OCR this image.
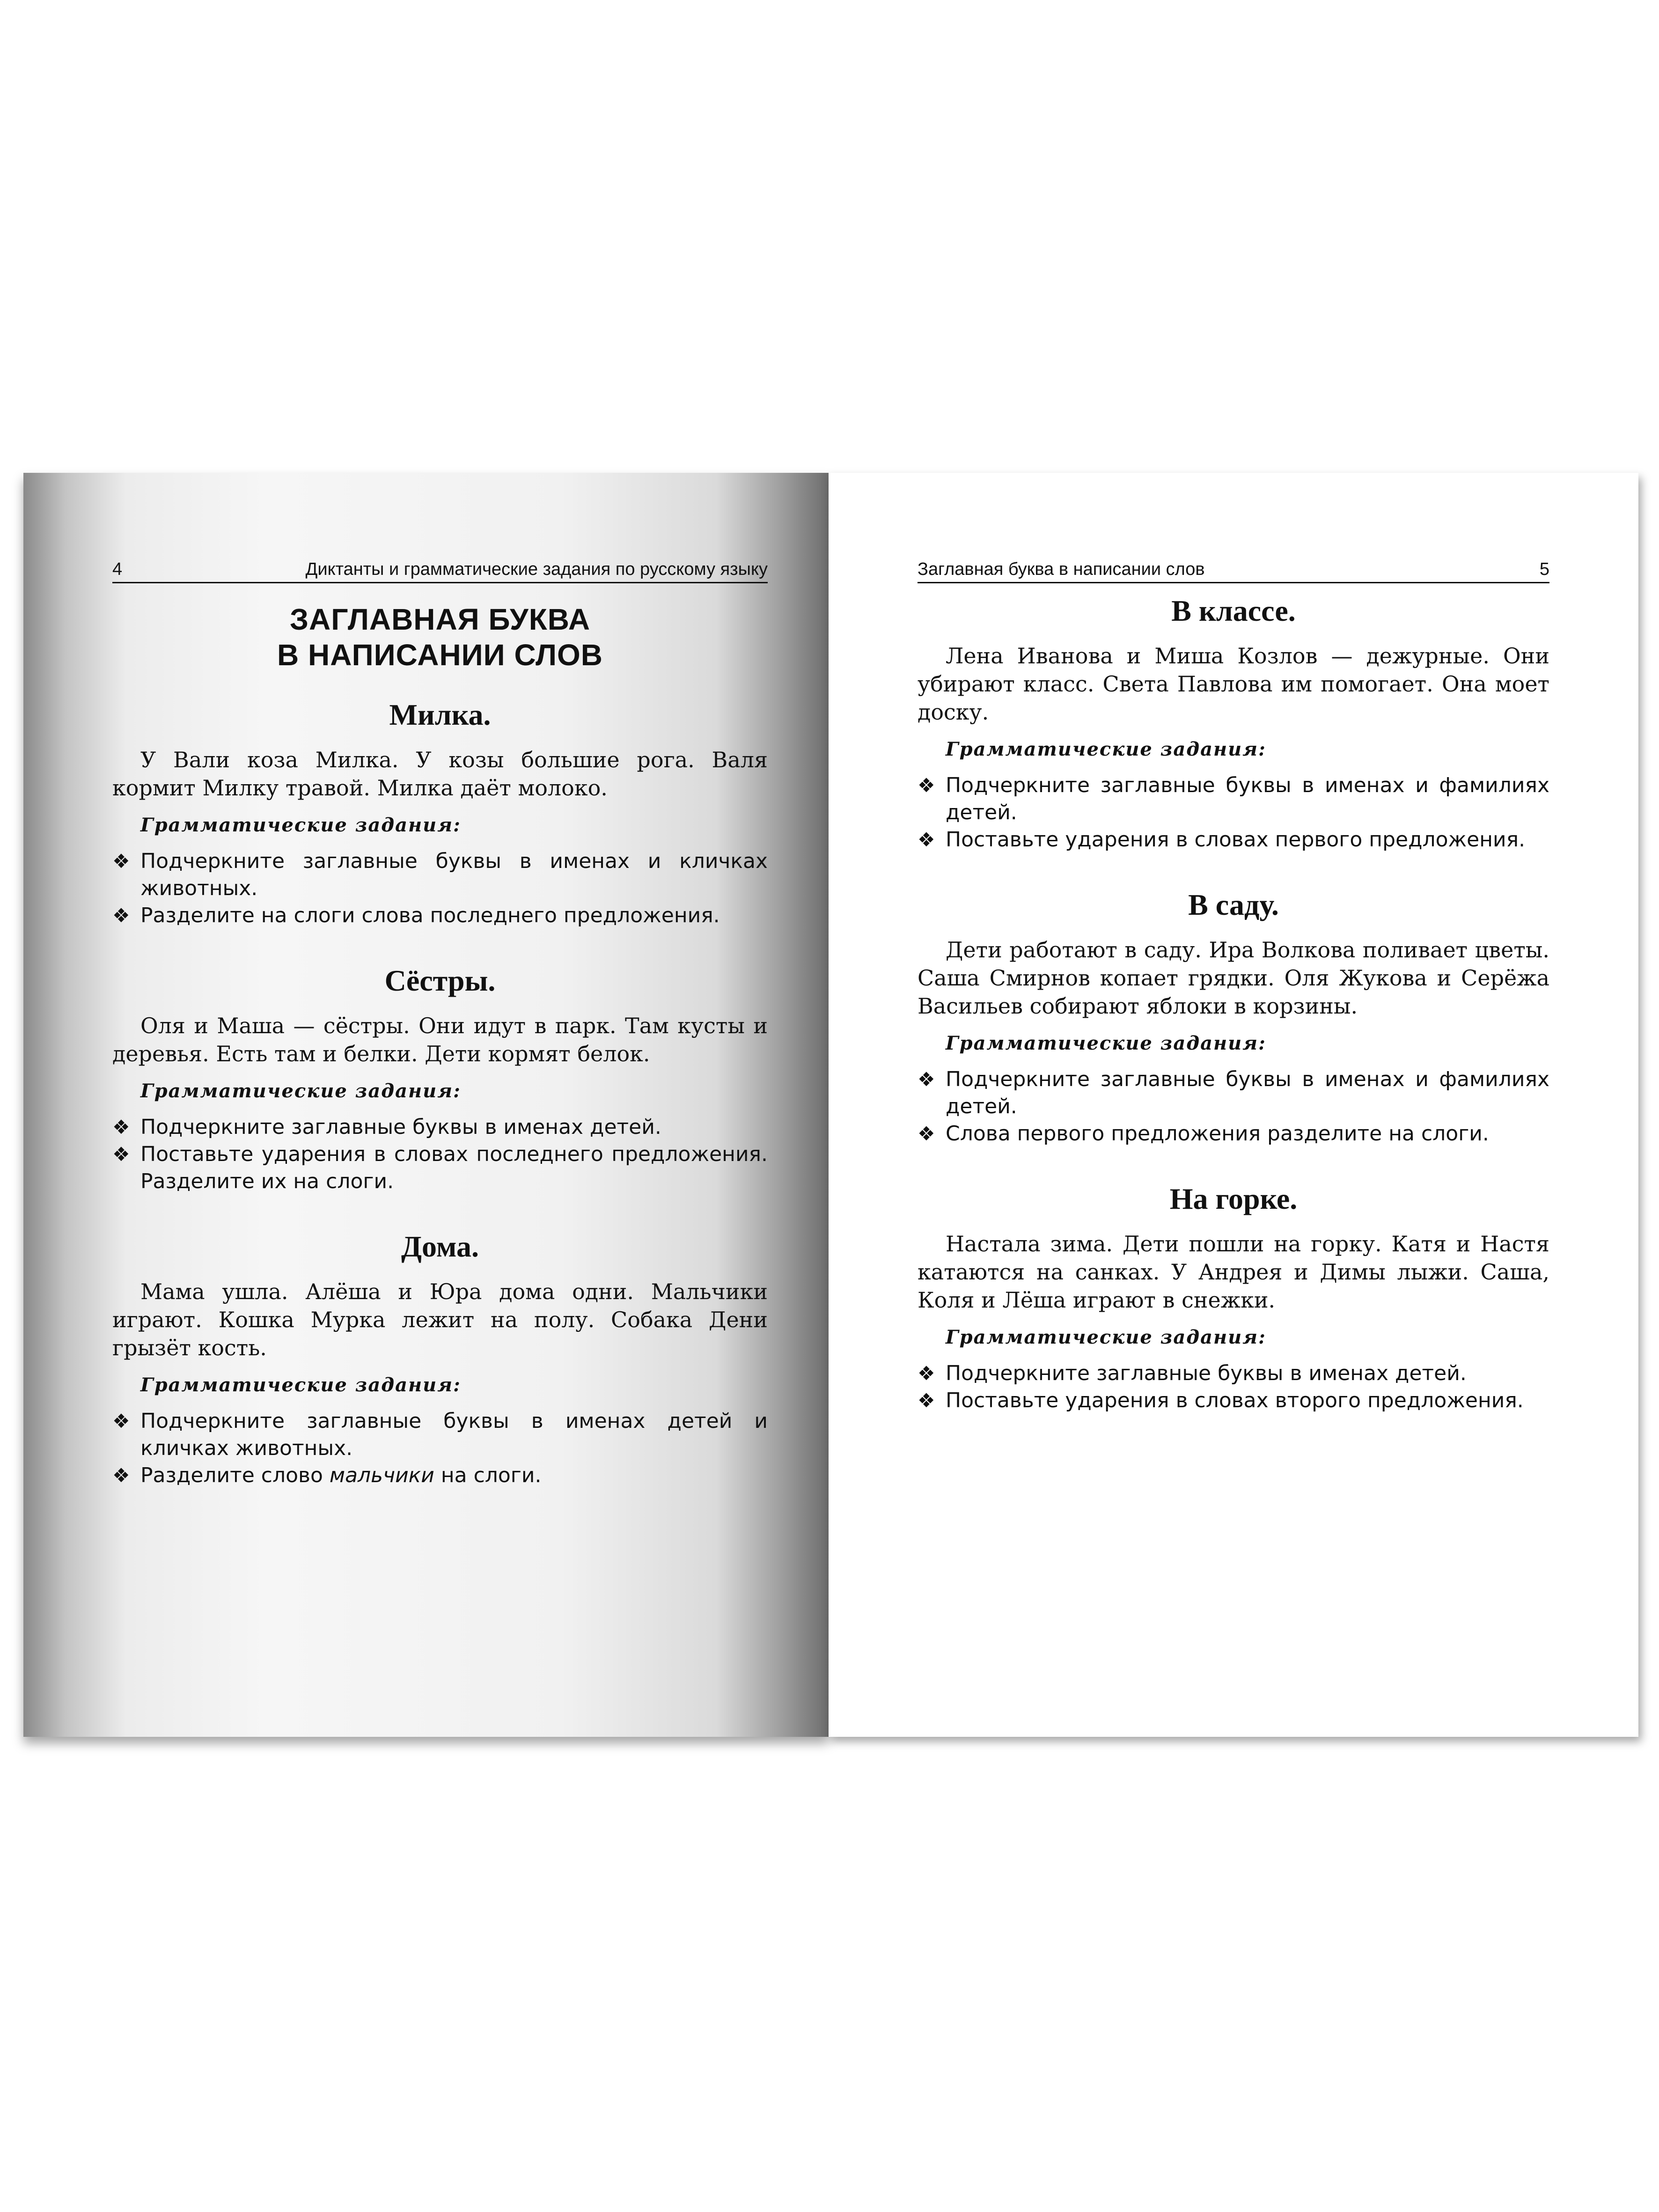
4	Диктанты и грамматические задания по русскому языку
ЗАГЛАВНАЯ БУКВА
В НАПИСАНИИ СЛОВ
Милка.

У Вали коза Милка. У козы большие рога. Валя кормит Милку травой. Милка даёт молоко.

Грамматические задания:
❖ Подчеркните заглавные буквы в именах и кличках животных.
❖ Разделите на слоги слова последнего предложения.
Сёстры.

Оля и Маша — сёстры. Они идут в парк. Там кусты и деревья. Есть там и белки. Дети кормят белок.

Грамматические задания:
❖ Подчеркните заглавные буквы в именах детей.
❖ Поставьте ударения в словах последнего предложения. Разделите их на слоги.
Дома.

Мама ушла. Алёша и Юра дома одни. Мальчики играют. Кошка Мурка лежит на полу. Собака Дени грызёт кость.

Грамматические задания:
❖ Подчеркните заглавные буквы в именах детей и кличках животных.
❖ Разделите слово мальчики на слоги.
Заглавная буква в написании слов	5
В классе.

Лена Иванова и Миша Козлов — дежурные. Они убирают класс. Света Павлова им помогает. Она моет доску.

Грамматические задания:
❖ Подчеркните заглавные буквы в именах и фамилиях детей.
❖ Поставьте ударения в словах первого предложения.
В саду.

Дети работают в саду. Ира Волкова поливает цветы. Саша Смирнов копает грядки. Оля Жукова и Серёжа Васильев собирают яблоки в корзины.

Грамматические задания:
❖ Подчеркните заглавные буквы в именах и фамилиях детей.
❖ Слова первого предложения разделите на слоги.
На горке.

Настала зима. Дети пошли на горку. Катя и Настя катаются на санках. У Андрея и Димы лыжи. Саша, Коля и Лёша играют в снежки.

Грамматические задания:
❖ Подчеркните заглавные буквы в именах детей.
❖ Поставьте ударения в словах второго предложения.
